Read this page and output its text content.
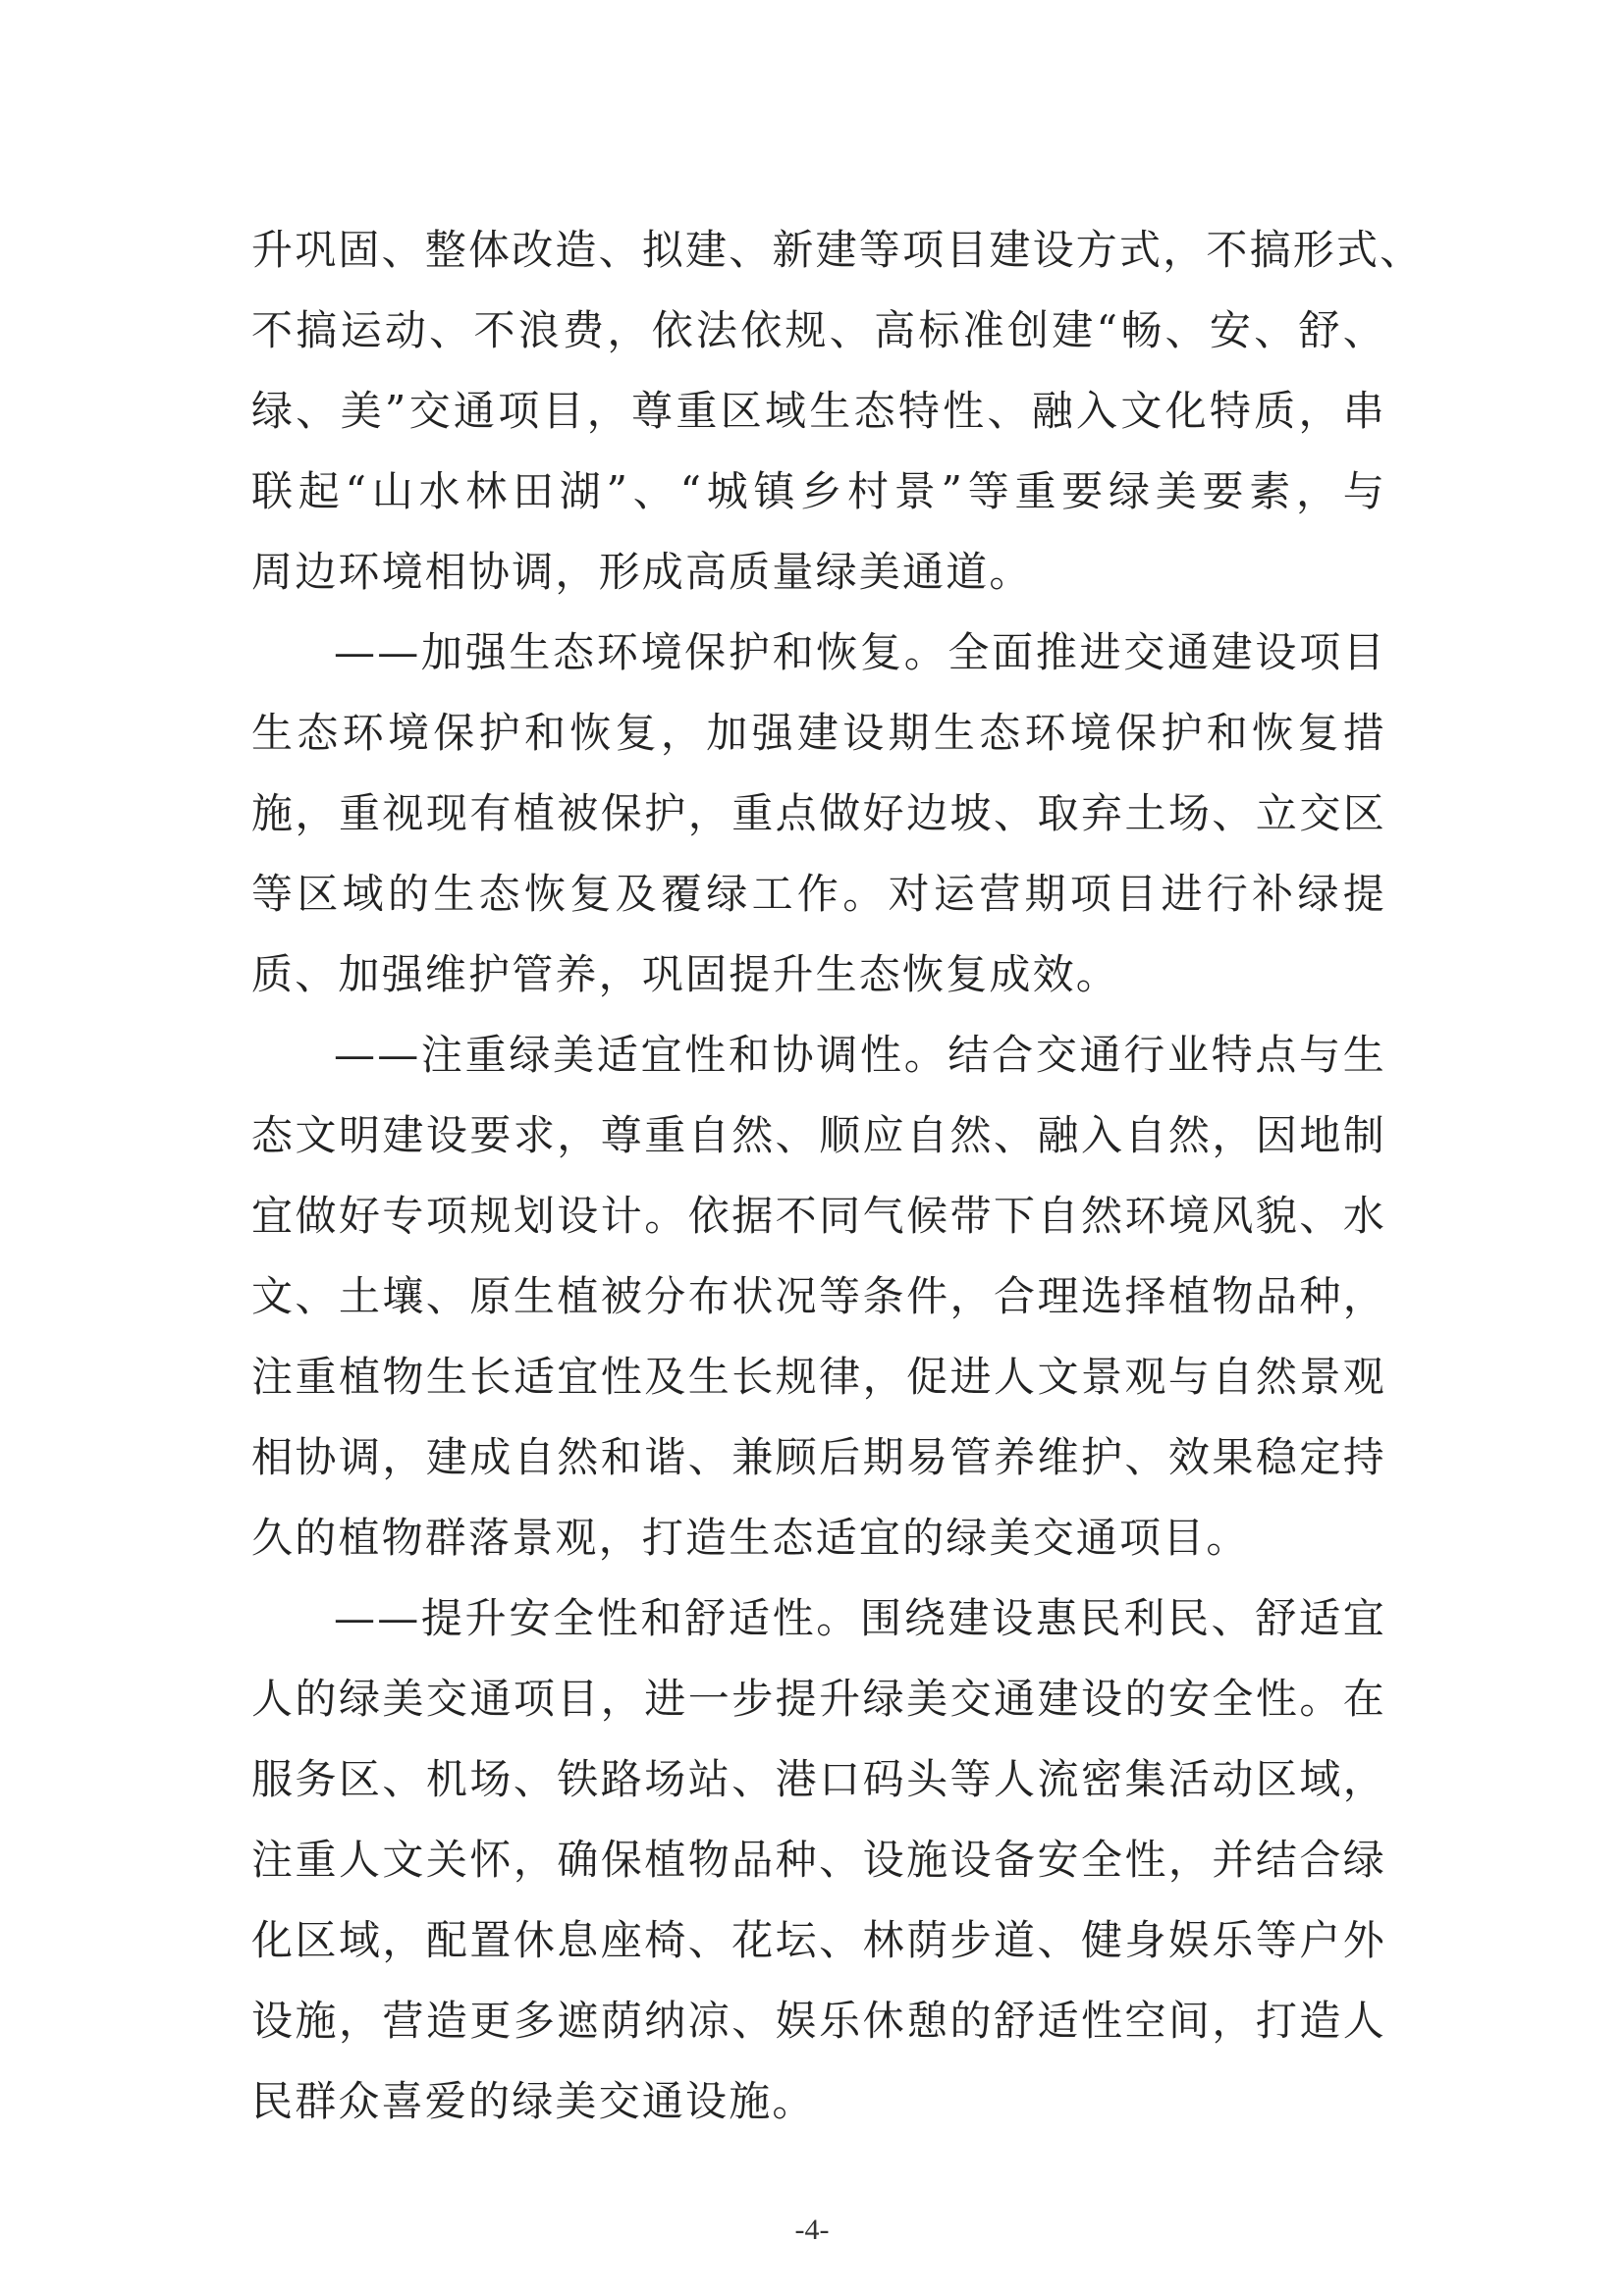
升巩固、整体改造、拟建、新建等项目建设方式，不搞形式、
不搞运动、不浪费，依法依规、高标准创建“畅、安、舒、
绿、美”交通项目，尊重区域生态特性、融入文化特质，串
联起“山水林田湖”、“城镇乡村景”等重要绿美要素，与
周边环境相协调，形成高质量绿美通道。
——加强生态环境保护和恢复。全面推进交通建设项目
生态环境保护和恢复，加强建设期生态环境保护和恢复措
施，重视现有植被保护，重点做好边坡、取弃土场、立交区
等区域的生态恢复及覆绿工作。对运营期项目进行补绿提
质、加强维护管养，巩固提升生态恢复成效。
——注重绿美适宜性和协调性。结合交通行业特点与生
态文明建设要求，尊重自然、顺应自然、融入自然，因地制
宜做好专项规划设计。依据不同气候带下自然环境风貌、水
文、土壤、原生植被分布状况等条件，合理选择植物品种，
注重植物生长适宜性及生长规律，促进人文景观与自然景观
相协调，建成自然和谐、兼顾后期易管养维护、效果稳定持
久的植物群落景观，打造生态适宜的绿美交通项目。
——提升安全性和舒适性。围绕建设惠民利民、舒适宜
人的绿美交通项目，进一步提升绿美交通建设的安全性。在
服务区、机场、铁路场站、港口码头等人流密集活动区域，
注重人文关怀，确保植物品种、设施设备安全性，并结合绿
化区域，配置休息座椅、花坛、林荫步道、健身娱乐等户外
设施，营造更多遮荫纳凉、娱乐休憩的舒适性空间，打造人
民群众喜爱的绿美交通设施。
-4-
